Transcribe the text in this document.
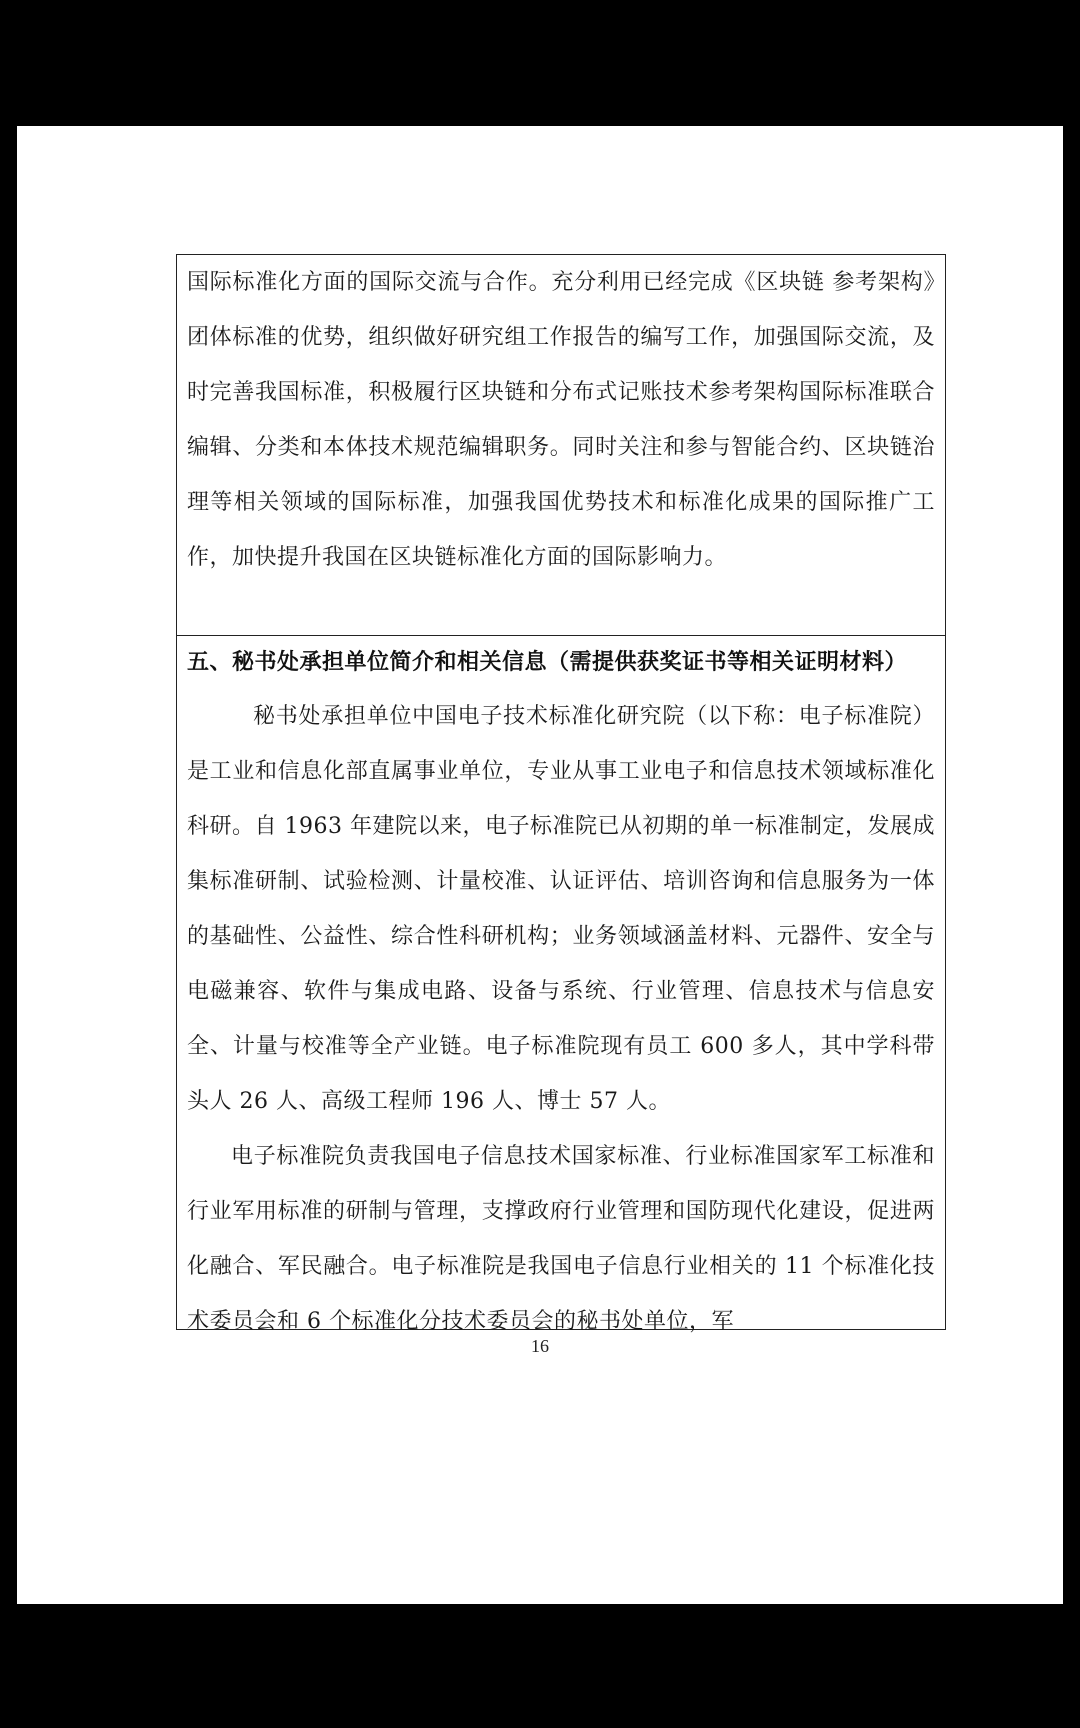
国际标准化方面的国际交流与合作。充分利用已经完成《区块链 参考架构》团体标准的优势，组织做好研究组工作报告的编写工作，加强国际交流，及时完善我国标准，积极履行区块链和分布式记账技术参考架构国际标准联合编辑、分类和本体技术规范编辑职务。同时关注和参与智能合约、区块链治理等相关领域的国际标准，加强我国优势技术和标准化成果的国际推广工作，加快提升我国在区块链标准化方面的国际影响力。

五、秘书处承担单位简介和相关信息（需提供获奖证书等相关证明材料）

秘书处承担单位中国电子技术标准化研究院（以下称：电子标准院）是工业和信息化部直属事业单位，专业从事工业电子和信息技术领域标准化科研。自 1963 年建院以来，电子标准院已从初期的单一标准制定，发展成集标准研制、试验检测、计量校准、认证评估、培训咨询和信息服务为一体的基础性、公益性、综合性科研机构；业务领域涵盖材料、元器件、安全与电磁兼容、软件与集成电路、设备与系统、行业管理、信息技术与信息安全、计量与校准等全产业链。电子标准院现有员工 600 多人，其中学科带头人 26 人、高级工程师 196 人、博士 57 人。

电子标准院负责我国电子信息技术国家标准、行业标准国家军工标准和行业军用标准的研制与管理，支撑政府行业管理和国防现代化建设，促进两化融合、军民融合。电子标准院是我国电子信息行业相关的 11 个标准化技术委员会和 6 个标准化分技术委员会的秘书处单位，军

16
